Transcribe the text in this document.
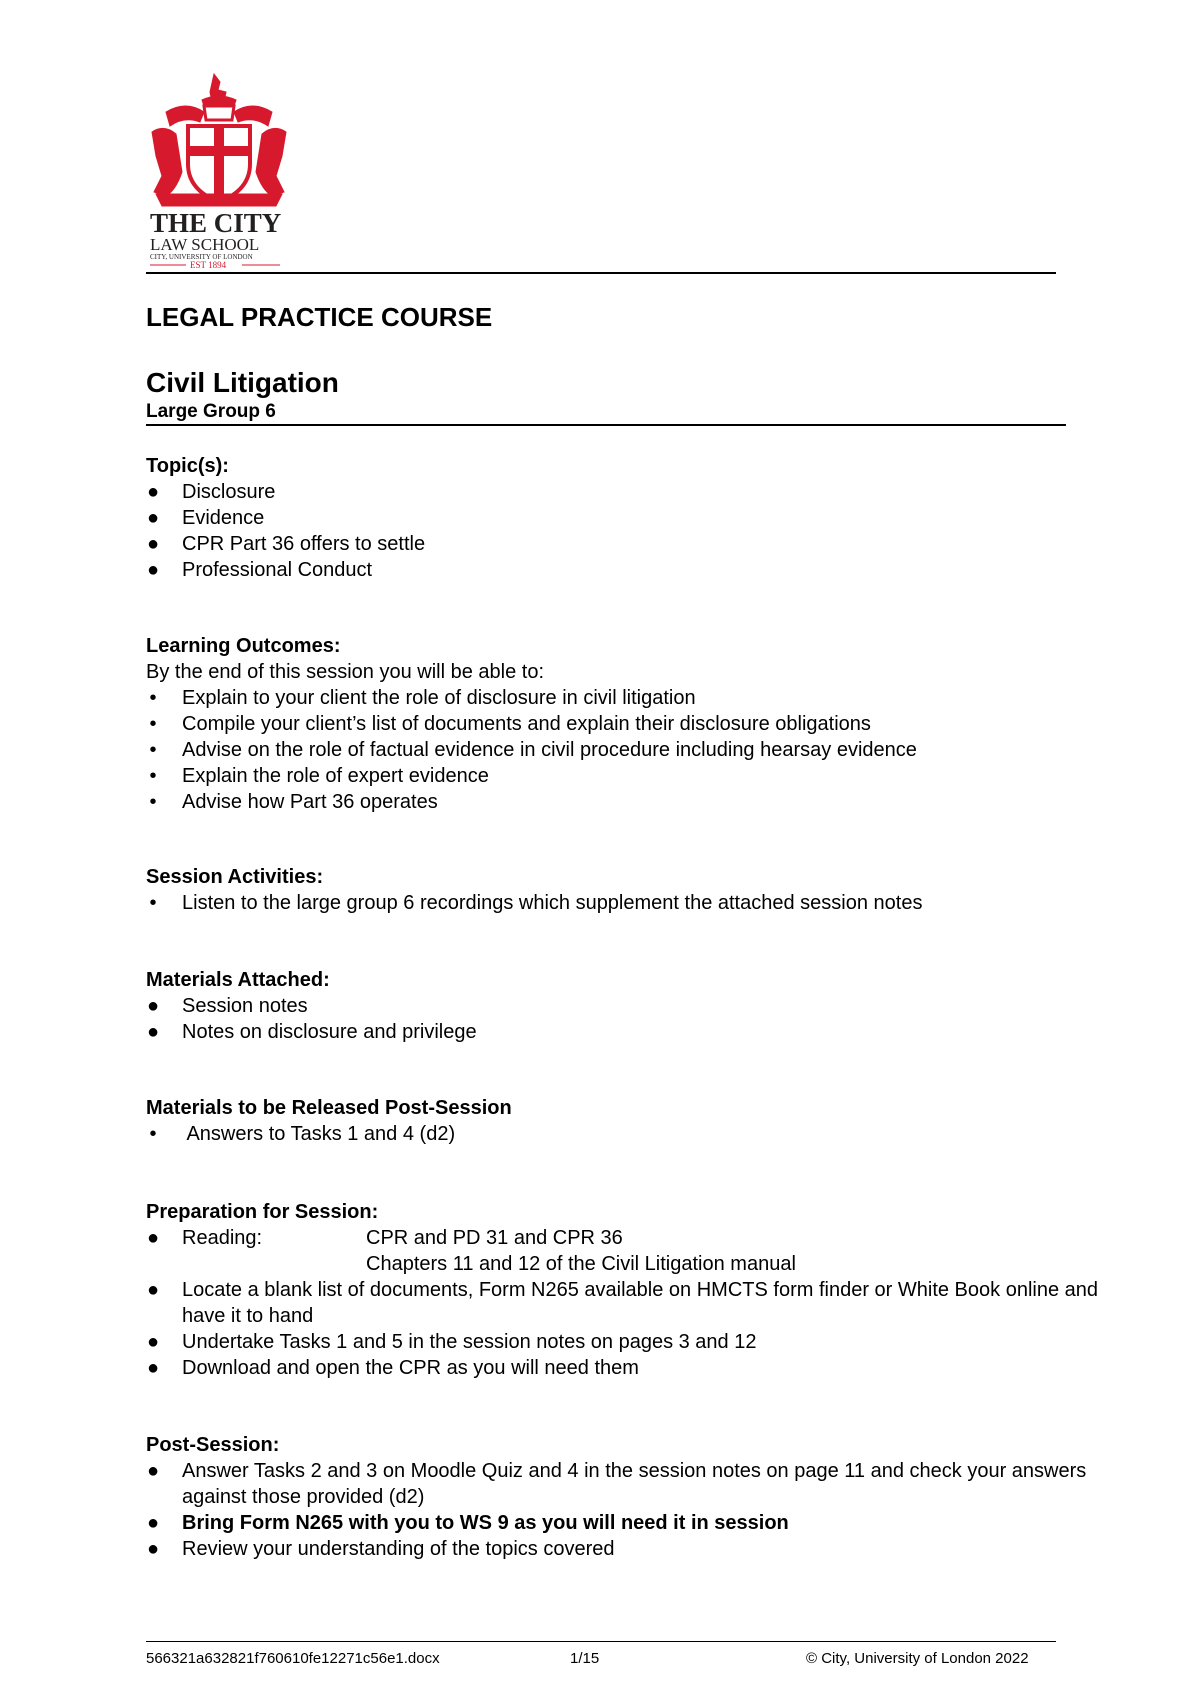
THE CITY
LAW SCHOOL
CITY, UNIVERSITY OF LONDON
EST 1894
LEGAL PRACTICE COURSE
Civil Litigation
Large Group 6
Topic(s):
● Disclosure
● Evidence
● CPR Part 36 offers to settle
● Professional Conduct
Learning Outcomes:

By the end of this session you will be able to:

• Explain to your client the role of disclosure in civil litigation
• Compile your client’s list of documents and explain their disclosure obligations
• Advise on the role of factual evidence in civil procedure including hearsay evidence
• Explain the role of expert evidence
• Advise how Part 36 operates
Session Activities:
• Listen to the large group 6 recordings which supplement the attached session notes
Materials Attached:
● Session notes
● Notes on disclosure and privilege
Materials to be Released Post-Session
• Answers to Tasks 1 and 4 (d2)
Preparation for Session:
● Reading:	CPR and PD 31 and CPR 36
Chapters 11 and 12 of the Civil Litigation manual
● Locate a blank list of documents, Form N265 available on HMCTS form finder or White Book online and have it to hand
● Undertake Tasks 1 and 5 in the session notes on pages 3 and 12
● Download and open the CPR as you will need them
Post-Session:
● Answer Tasks 2 and 3 on Moodle Quiz and 4 in the session notes on page 11 and check your answers against those provided (d2)
● Bring Form N265 with you to WS 9 as you will need it in session
● Review your understanding of the topics covered
566321a632821f760610fe12271c56e1.docx	1/15	© City, University of London 2022
